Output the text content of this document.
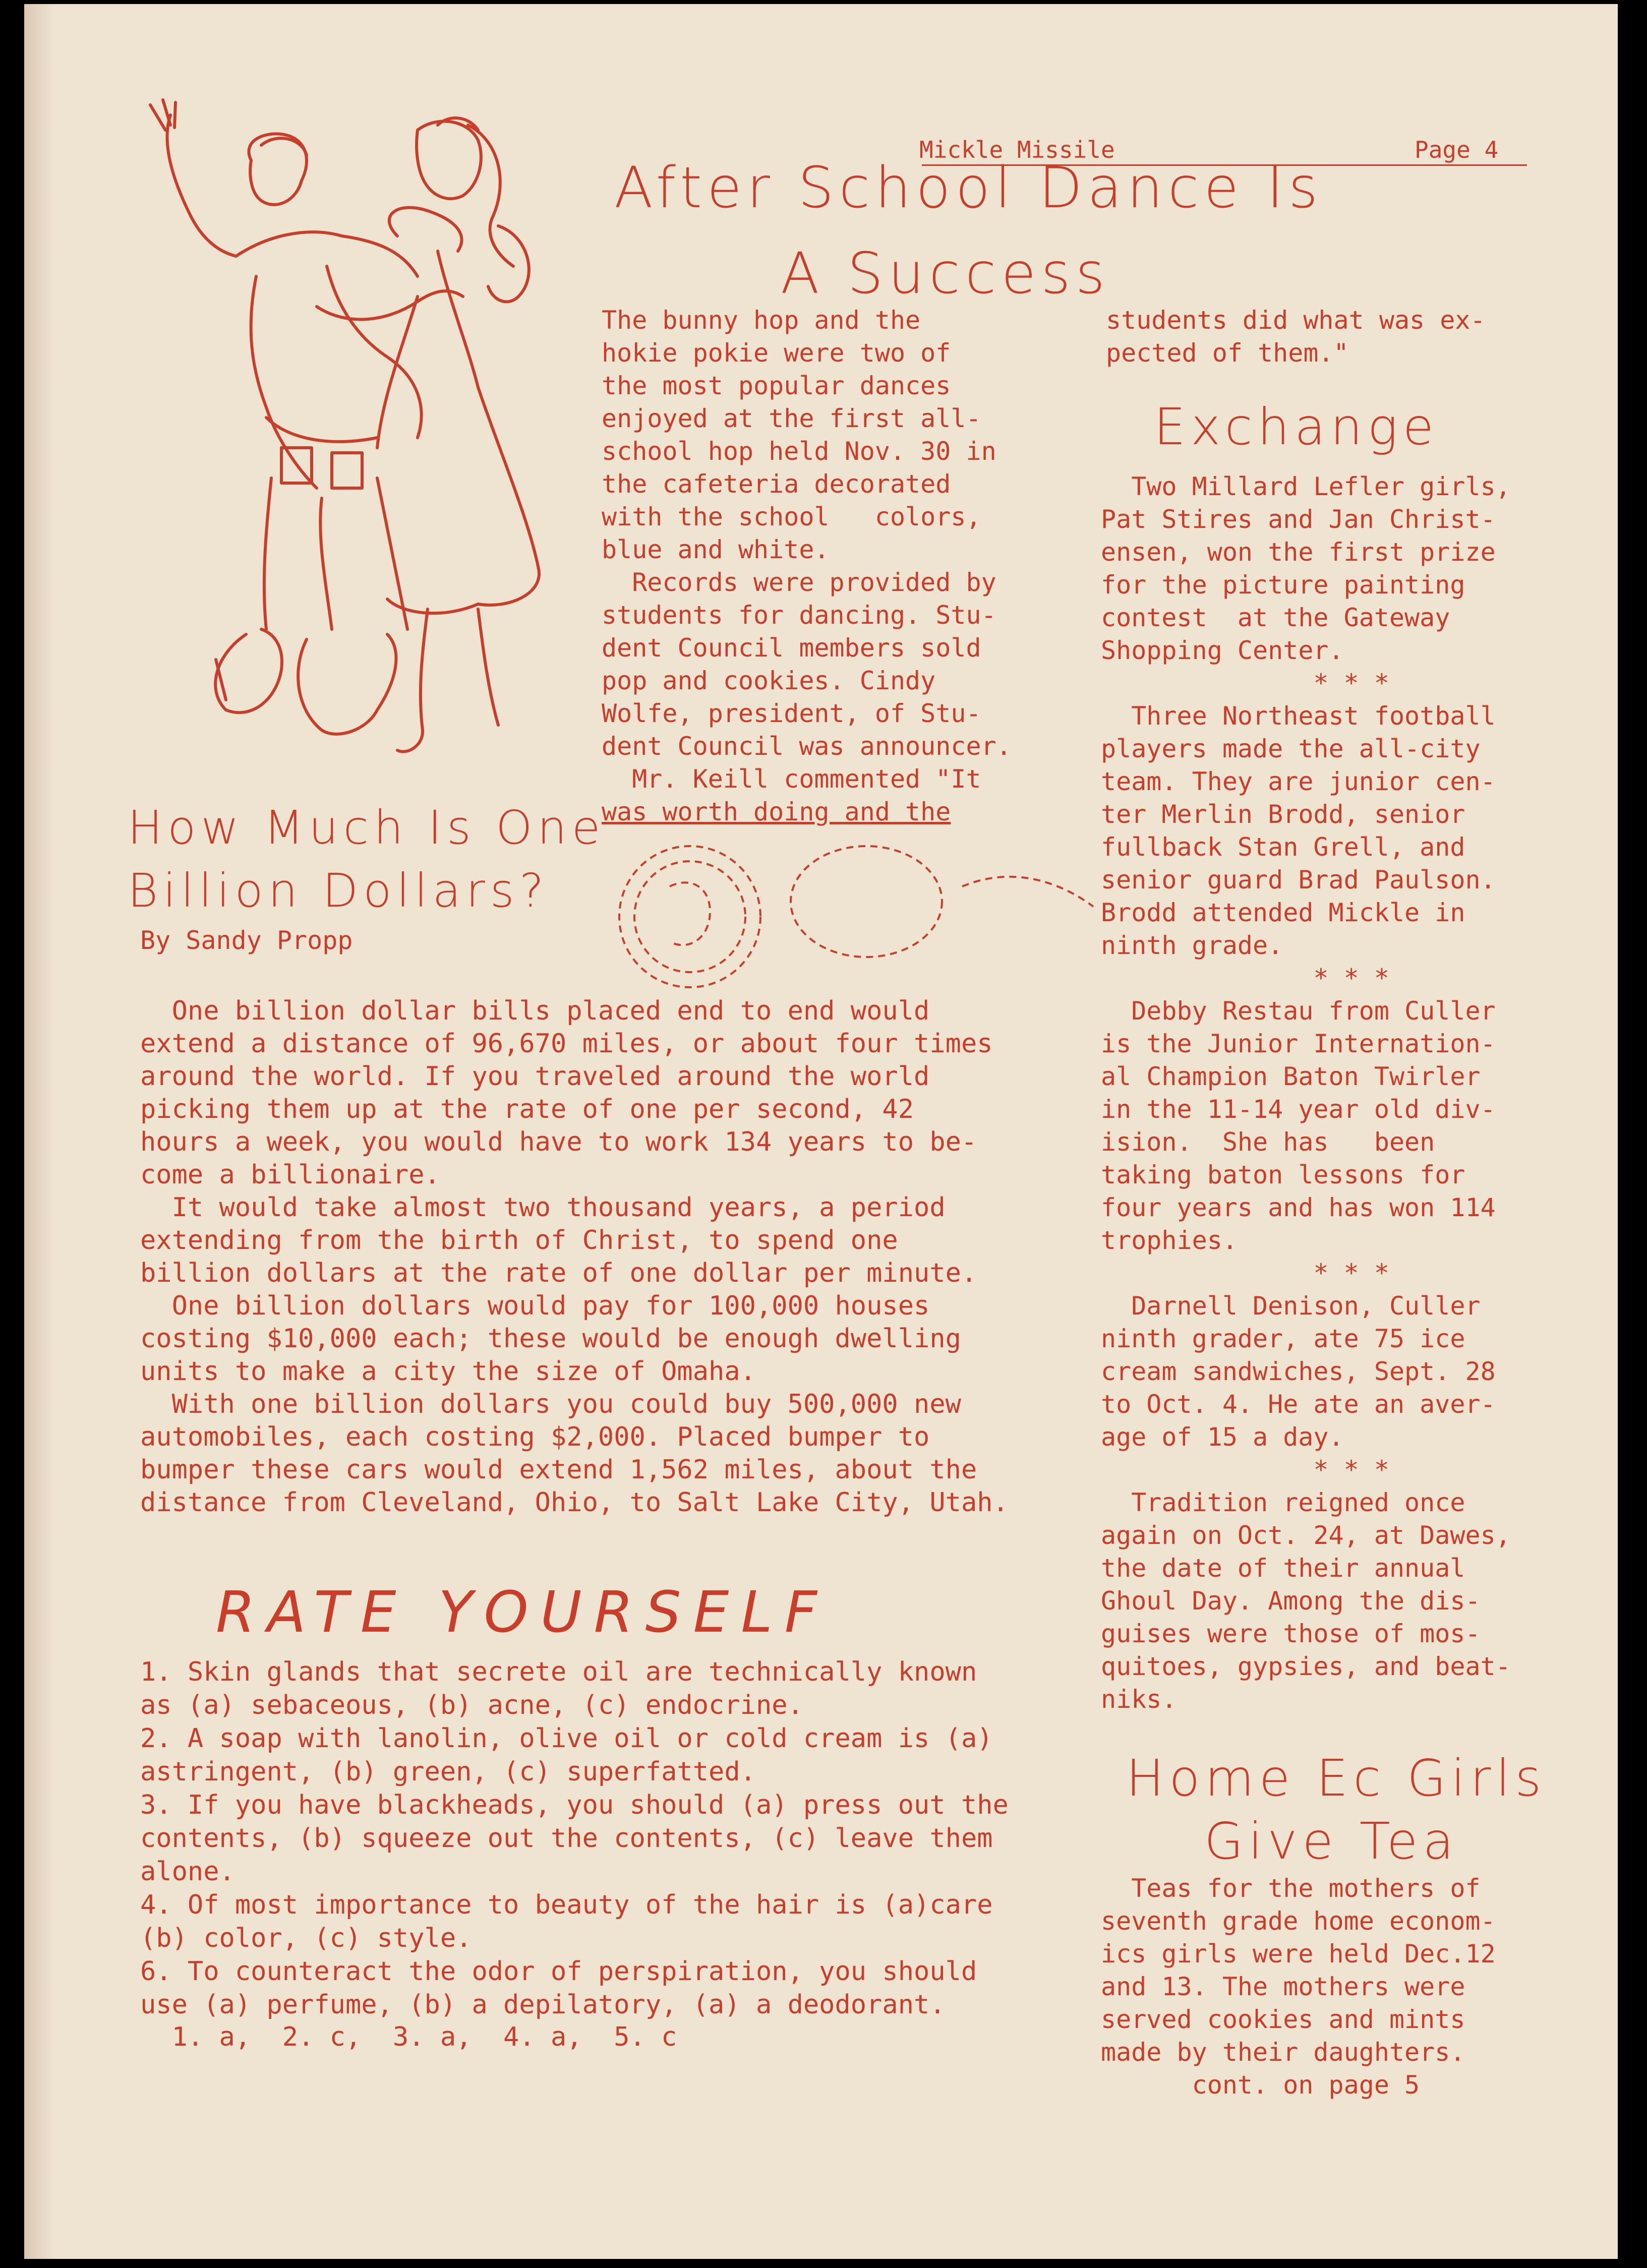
Mickle Missile	Page 4
After School Dance Is
A Success
The bunny hop and the
hokie pokie were two of
the most popular dances
enjoyed at the first all-
school hop held Nov. 30 in
the cafeteria decorated
with the school   colors,
blue and white.
Records were provided by
students for dancing. Stu-
dent Council members sold
pop and cookies. Cindy
Wolfe, president, of Stu-
dent Council was announcer.
Mr. Keill commented "It
was worth doing and the
students did what was ex-
pected of them."
How Much Is One
Billion Dollars?
By Sandy Propp
One billion dollar bills placed end to end would
extend a distance of 96,670 miles, or about four times
around the world. If you traveled around the world
picking them up at the rate of one per second, 42
hours a week, you would have to work 134 years to be-
come a billionaire.
It would take almost two thousand years, a period
extending from the birth of Christ, to spend one
billion dollars at the rate of one dollar per minute.
One billion dollars would pay for 100,000 houses
costing $10,000 each; these would be enough dwelling
units to make a city the size of Omaha.
With one billion dollars you could buy 500,000 new
automobiles, each costing $2,000. Placed bumper to
bumper these cars would extend 1,562 miles, about the
distance from Cleveland, Ohio, to Salt Lake City, Utah.
RATE YOURSELF
1. Skin glands that secrete oil are technically known
as (a) sebaceous, (b) acne, (c) endocrine.
2. A soap with lanolin, olive oil or cold cream is (a)
astringent, (b) green, (c) superfatted.
3. If you have blackheads, you should (a) press out the
contents, (b) squeeze out the contents, (c) leave them
alone.
4. Of most importance to beauty of the hair is (a)care
(b) color, (c) style.
6. To counteract the odor of perspiration, you should
use (a) perfume, (b) a depilatory, (a) a deodorant.
1. a,  2. c,  3. a,  4. a,  5. c
Exchange
Two Millard Lefler girls,
Pat Stires and Jan Christ-
ensen, won the first prize
for the picture painting
contest  at the Gateway
Shopping Center.
* * *
Three Northeast football
players made the all-city
team. They are junior cen-
ter Merlin Brodd, senior
fullback Stan Grell, and
senior guard Brad Paulson.
Brodd attended Mickle in
ninth grade.
* * *
Debby Restau from Culler
is the Junior Internation-
al Champion Baton Twirler
in the 11-14 year old div-
ision.  She has   been
taking baton lessons for
four years and has won 114
trophies.
* * *
Darnell Denison, Culler
ninth grader, ate 75 ice
cream sandwiches, Sept. 28
to Oct. 4. He ate an aver-
age of 15 a day.
* * *
Tradition reigned once
again on Oct. 24, at Dawes,
the date of their annual
Ghoul Day. Among the dis-
guises were those of mos-
quitoes, gypsies, and beat-
niks.
Home Ec Girls
Give Tea
Teas for the mothers of
seventh grade home econom-
ics girls were held Dec.12
and 13. The mothers were
served cookies and mints
made by their daughters.
cont. on page 5
